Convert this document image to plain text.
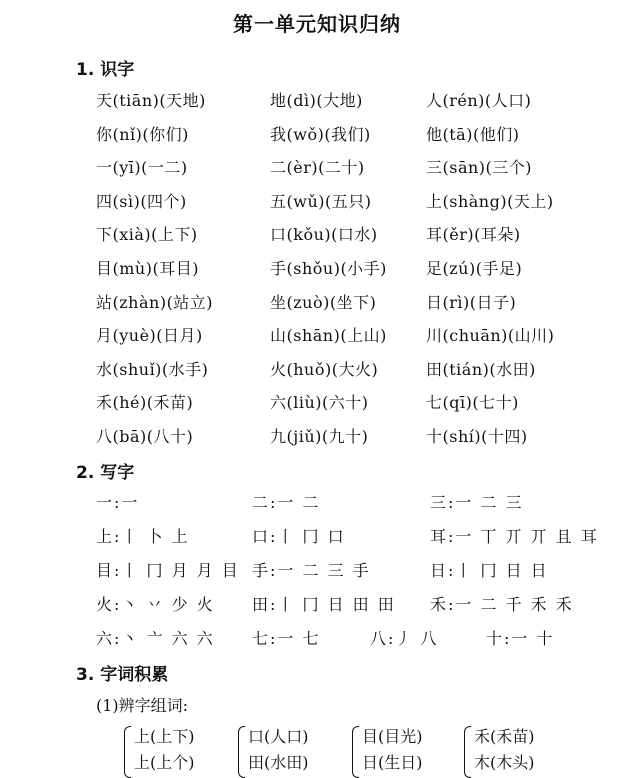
第一单元知识归纳
1. 识字
天(tiān)(天地)	地(dì)(大地)	人(rén)(人口)
你(nǐ)(你们)	我(wǒ)(我们)	他(tā)(他们)
一(yī)(一二)	二(èr)(二十)	三(sān)(三个)
四(sì)(四个)	五(wǔ)(五只)	上(shàng)(天上)
下(xià)(上下)	口(kǒu)(口水)	耳(ěr)(耳朵)
目(mù)(耳目)	手(shǒu)(小手) 足(zú)(手足)
站(zhàn)(站立)	坐(zuò)(坐下)	日(rì)(日子)
月(yuè)(日月)	山(shān)(上山) 川(chuān)(山川)
水(shuǐ)(水手)	火(huǒ)(大火)	田(tián)(水田)
禾(hé)(禾苗)	六(liù)(六十)	七(qī)(七十)
八(bā)(八十)	九(jiǔ)(九十)	十(shí)(十四)
2. 写字
一:一	二:一 二	三:一 二 三
上:丨 卜 上	口:丨 冂 口	耳:一 丅 丌 丌 且 耳
目:丨 冂 月 月 目 手:一 二 三 手	日:丨 冂 日 日
火:丶 丷 少 火 田:丨 冂 日 田 田 禾:一 二 千 禾 禾
六:丶 亠 六 六 七:一 七	八:丿 八	十:一 十
3. 字词积累
(1)辨字组词:
上(上下)
上(上个)
口(人口)
田(水田)
目(目光)
日(生日)
禾(禾苗)
木(木头)
